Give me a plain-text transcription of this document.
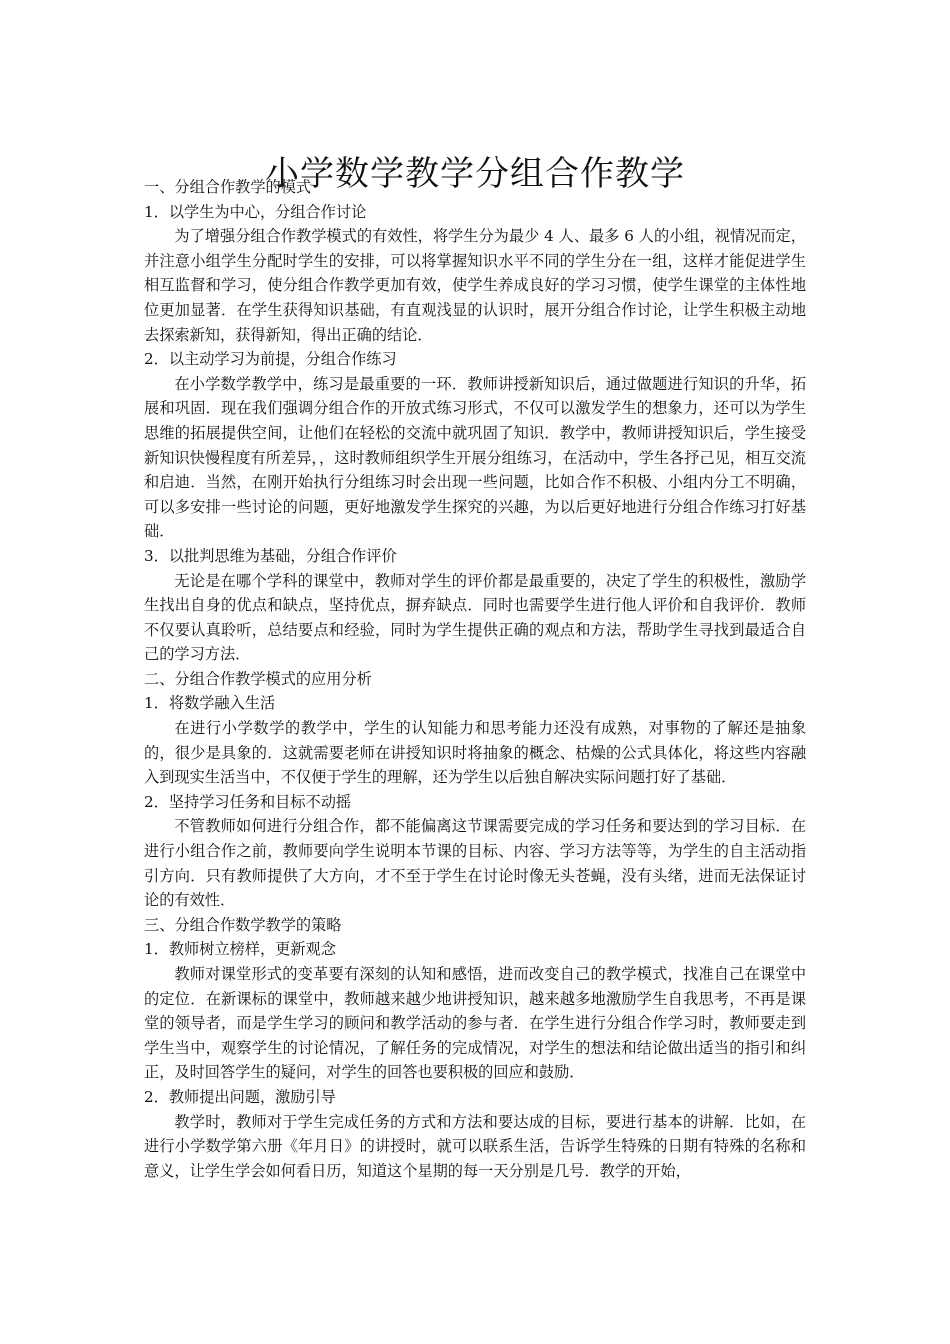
小学数学教学分组合作教学

一、分组合作教学的模式

1．以学生为中心，分组合作讨论

为了增强分组合作教学模式的有效性，将学生分为最少 4 人、最多 6 人的小组，视情况而定，并注意小组学生分配时学生的安排，可以将掌握知识水平不同的学生分在一组，这样才能促进学生相互监督和学习，使分组合作教学更加有效，使学生养成良好的学习习惯，使学生课堂的主体性地位更加显著．在学生获得知识基础，有直观浅显的认识时，展开分组合作讨论，让学生积极主动地去探索新知，获得新知，得出正确的结论．

2．以主动学习为前提，分组合作练习

在小学数学教学中，练习是最重要的一环．教师讲授新知识后，通过做题进行知识的升华，拓展和巩固．现在我们强调分组合作的开放式练习形式，不仅可以激发学生的想象力，还可以为学生思维的拓展提供空间，让他们在轻松的交流中就巩固了知识．教学中，教师讲授知识后，学生接受新知识快慢程度有所差异，，这时教师组织学生开展分组练习，在活动中，学生各抒己见，相互交流和启迪．当然，在刚开始执行分组练习时会出现一些问题，比如合作不积极、小组内分工不明确，可以多安排一些讨论的问题，更好地激发学生探究的兴趣，为以后更好地进行分组合作练习打好基础．

3．以批判思维为基础，分组合作评价

无论是在哪个学科的课堂中，教师对学生的评价都是最重要的，决定了学生的积极性，激励学生找出自身的优点和缺点，坚持优点，摒弃缺点．同时也需要学生进行他人评价和自我评价．教师不仅要认真聆听，总结要点和经验，同时为学生提供正确的观点和方法，帮助学生寻找到最适合自己的学习方法．

二、分组合作教学模式的应用分析

1．将数学融入生活

在进行小学数学的教学中，学生的认知能力和思考能力还没有成熟，对事物的了解还是抽象的，很少是具象的．这就需要老师在讲授知识时将抽象的概念、枯燥的公式具体化，将这些内容融入到现实生活当中，不仅便于学生的理解，还为学生以后独自解决实际问题打好了基础．

2．坚持学习任务和目标不动摇

不管教师如何进行分组合作，都不能偏离这节课需要完成的学习任务和要达到的学习目标．在进行小组合作之前，教师要向学生说明本节课的目标、内容、学习方法等等，为学生的自主活动指引方向．只有教师提供了大方向，才不至于学生在讨论时像无头苍蝇，没有头绪，进而无法保证讨论的有效性．

三、分组合作数学教学的策略

1．教师树立榜样，更新观念

教师对课堂形式的变革要有深刻的认知和感悟，进而改变自己的教学模式，找准自己在课堂中的定位．在新课标的课堂中，教师越来越少地讲授知识，越来越多地激励学生自我思考，不再是课堂的领导者，而是学生学习的顾问和教学活动的参与者．在学生进行分组合作学习时，教师要走到学生当中，观察学生的讨论情况，了解任务的完成情况，对学生的想法和结论做出适当的指引和纠正，及时回答学生的疑问，对学生的回答也要积极的回应和鼓励．

2．教师提出问题，激励引导

教学时，教师对于学生完成任务的方式和方法和要达成的目标，要进行基本的讲解．比如，在进行小学数学第六册《年月日》的讲授时，就可以联系生活，告诉学生特殊的日期有特殊的名称和意义，让学生学会如何看日历，知道这个星期的每一天分别是几号．教学的开始，
